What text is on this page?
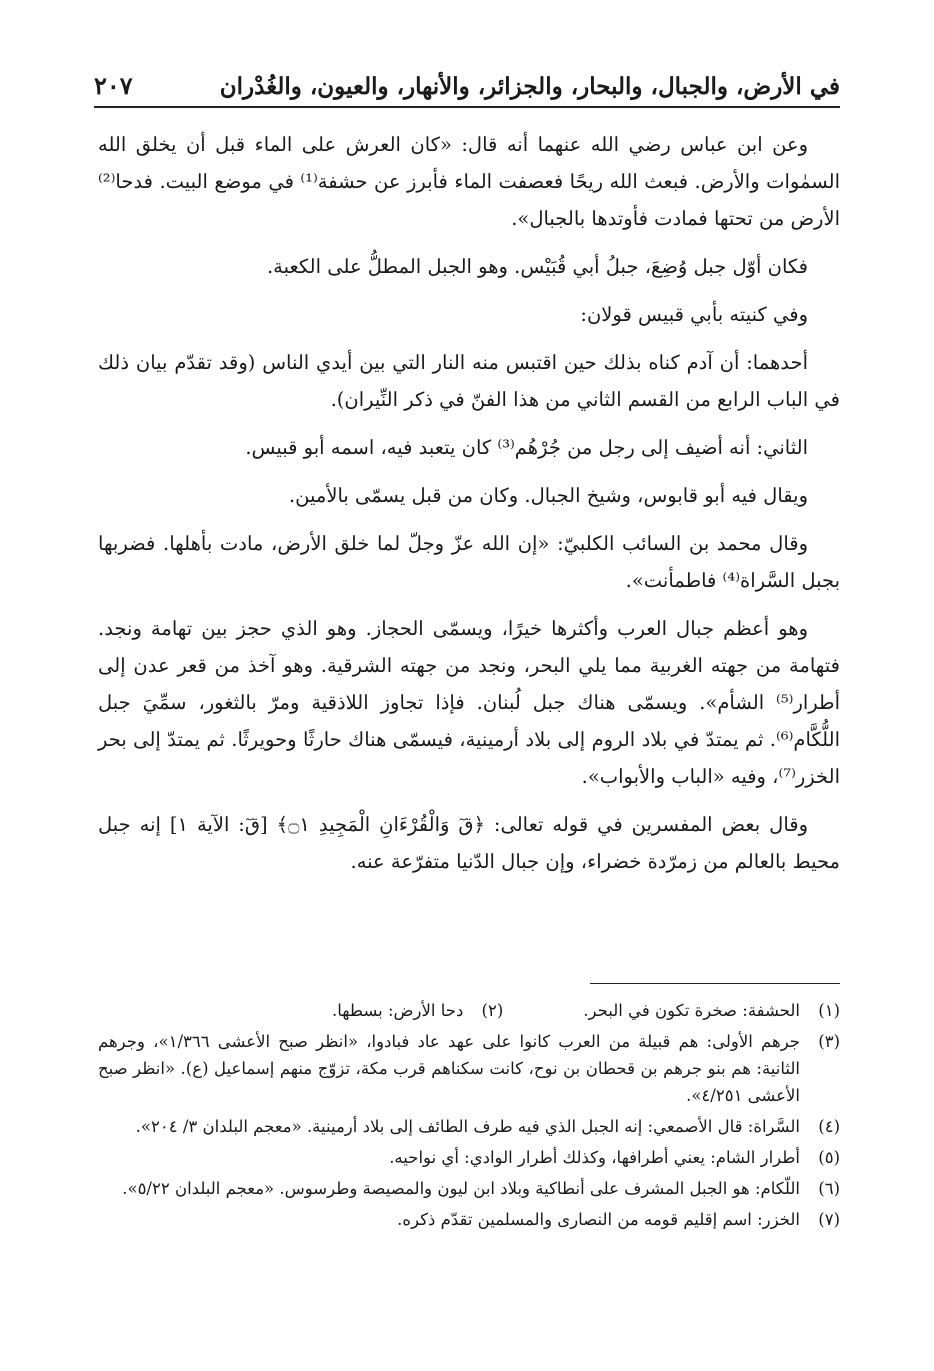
في الأرض، والجبال، والبحار، والجزائر، والأنهار، والعيون، والغُدْران
٢٠٧

وعن ابن عباس رضي الله عنهما أنه قال: «كان العرش على الماء قبل أن يخلق الله السمٰوات والأرض. فبعث الله ريحًا فعصفت الماء فأبرز عن حشفة⁽¹⁾ في موضع البيت. فدحا⁽²⁾ الأرض من تحتها فمادت فأوتدها بالجبال».

فكان أوّل جبل وُضِعَ، جبلُ أبي قُبَيْس. وهو الجبل المطلُّ على الكعبة.

وفي كنيته بأبي قبيس قولان:

أحدهما: أن آدم كناه بذلك حين اقتبس منه النار التي بين أيدي الناس (وقد تقدّم بيان ذلك في الباب الرابع من القسم الثاني من هذا الفنّ في ذكر النِّيران).

الثاني: أنه أضيف إلى رجل من جُرْهُم⁽³⁾ كان يتعبد فيه، اسمه أبو قبيس.

ويقال فيه أبو قابوس، وشيخ الجبال. وكان من قبل يسمّى بالأمين.

وقال محمد بن السائب الكلبيّ: «إن الله عزّ وجلّ لما خلق الأرض، مادت بأهلها. فضربها بجبل السَّراة⁽⁴⁾ فاطمأنت».

وهو أعظم جبال العرب وأكثرها خيرًا، ويسمّى الحجاز. وهو الذي حجز بين تهامة ونجد. فتهامة من جهته الغربية مما يلي البحر، ونجد من جهته الشرقية. وهو آخذ من قعر عدن إلى أطرار⁽⁵⁾ الشأم». ويسمّى هناك جبل لُبنان. فإذا تجاوز اللاذقية ومرّ بالثغور، سمِّيَ جبل اللُّكَّام⁽⁶⁾. ثم يمتدّ في بلاد الروم إلى بلاد أرمينية، فيسمّى هناك حارثًا وحويرثًا. ثم يمتدّ إلى بحر الخزر⁽⁷⁾، وفيه «الباب والأبواب».

وقال بعض المفسرين في قوله تعالى: ﴿قٓ وَالْقُرْءَانِ الْمَجِيدِ ۝١﴾ [قٓ: الآية ١] إنه جبل محيط بالعالم من زمرّدة خضراء، وإن جبال الدّنيا متفرّعة عنه.

(١)
الحشفة: صخرة تكون في البحر.
(٢)
دحا الأرض: بسطها.
(٣)
جرهم الأولى: هم قبيلة من العرب كانوا على عهد عاد فبادوا، «انظر صبح الأعشى ١/٣٦٦»، وجرهم الثانية: هم بنو جرهم بن قحطان بن نوح، كانت سكناهم قرب مكة، تزوّج منهم إسماعيل (ع). «انظر صبح الأعشى ٤/٢٥١».
(٤)
السَّراة: قال الأصمعي: إنه الجبل الذي فيه طرف الطائف إلى بلاد أرمينية. «معجم البلدان ٣/ ٢٠٤».
(٥)
أطرار الشام: يعني أطرافها، وكذلك أطرار الوادي: أي نواحيه.
(٦)
اللّكام: هو الجبل المشرف على أنطاكية وبلاد ابن ليون والمصيصة وطرسوس. «معجم البلدان ٥/٢٢».
(٧)
الخزر: اسم إقليم قومه من النصارى والمسلمين تقدّم ذكره.
